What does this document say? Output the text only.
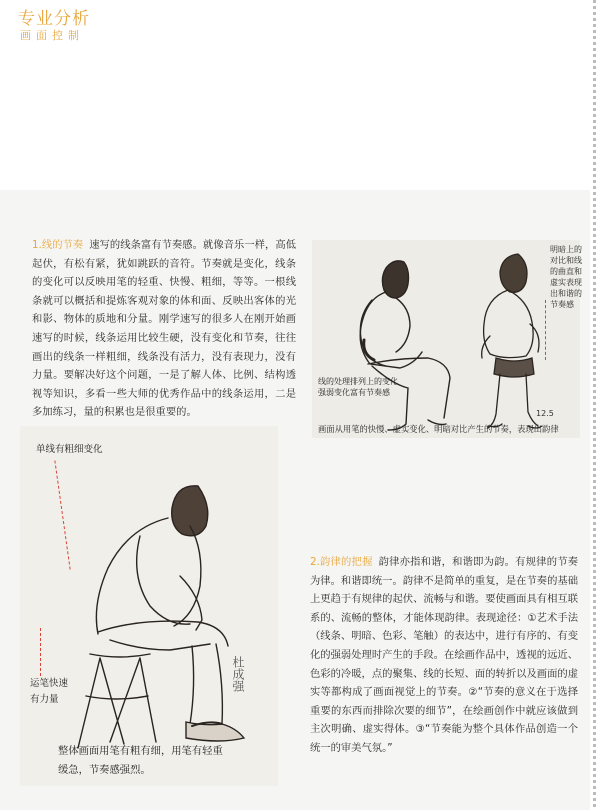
专业分析
画面控制
1.线的节奏 速写的线条富有节奏感。就像音乐一样，高低起伏，有松有紧，犹如跳跃的音符。节奏就是变化，线条的变化可以反映用笔的轻重、快慢、粗细，等等。一根线条就可以概括和提炼客观对象的体和面、反映出客体的光和影、物体的质地和分量。刚学速写的很多人在刚开始画速写的时候，线条运用比较生硬，没有变化和节奏，往往画出的线条一样粗细，线条没有活力，没有表现力，没有力量。要解决好这个问题，一是了解人体、比例、结构透视等知识，多看一些大师的优秀作品中的线条运用，二是多加练习，量的积累也是很重要的。	12.5
线的处理排列上的变化
强弱变化富有节奏感
明暗上的
对比和线
的曲直和
虚实表现
出和谐的
节奏感
画面从用笔的快慢、虚实变化、明暗对比产生的节奏，表现出韵律
杜成强
单线有粗细变化
运笔快速
有力量
整体画面用笔有粗有细，用笔有轻重
缓急，节奏感强烈。
2.韵律的把握 韵律亦指和谐，和谐即为韵。有规律的节奏为律。和谐即统一。韵律不是简单的重复，是在节奏的基础上更趋于有规律的起伏、流畅与和谐。要使画面具有相互联系的、流畅的整体，才能体现韵律。表现途径：①艺术手法（线条、明暗、色彩、笔触）的表达中，进行有序的、有变化的强弱处理时产生的手段。在绘画作品中，透视的远近、色彩的冷暖，点的聚集、线的长短、面的转折以及画面的虚实等都构成了画面视觉上的节奏。②“节奏的意义在于选择重要的东西而排除次要的细节”，在绘画创作中就应该做到主次明确、虚实得体。③“节奏能为整个具体作品创造一个统一的审美气氛。”
